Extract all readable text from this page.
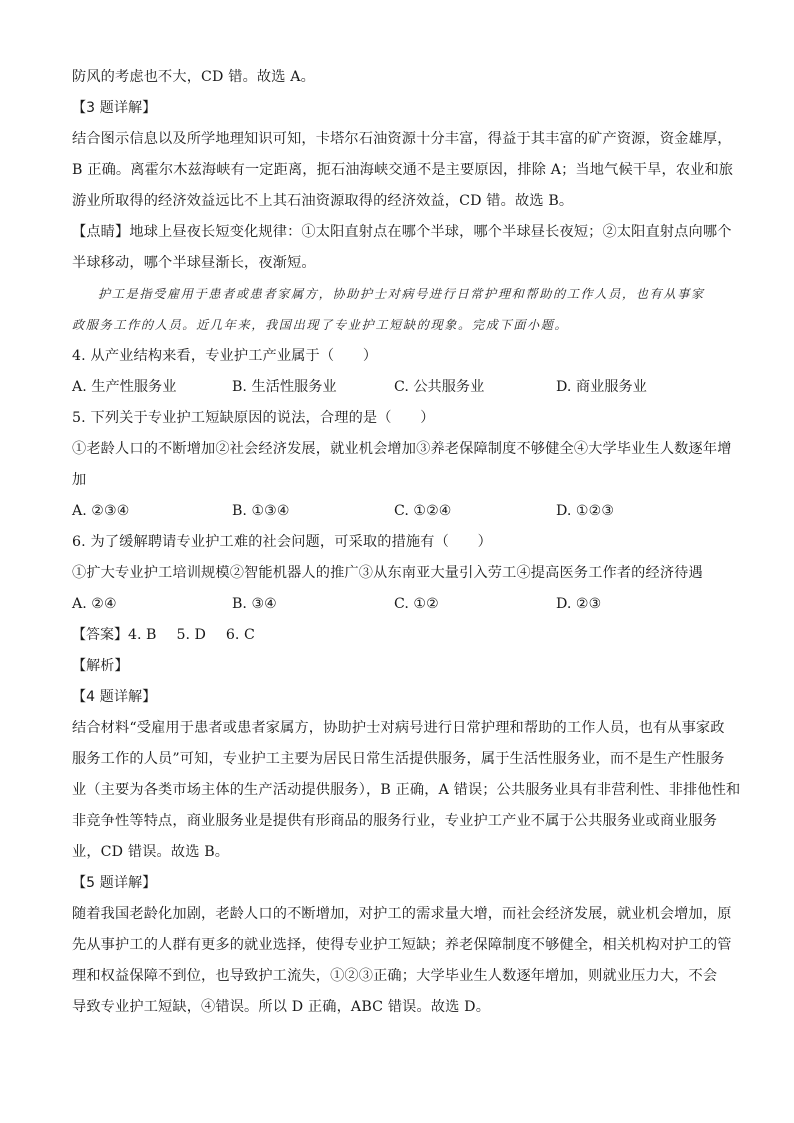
防风的考虑也不大，CD 错。故选 A。
【3 题详解】
结合图示信息以及所学地理知识可知，卡塔尔石油资源十分丰富，得益于其丰富的矿产资源，资金雄厚，
B 正确。离霍尔木兹海峡有一定距离，扼石油海峡交通不是主要原因，排除 A；当地气候干旱，农业和旅
游业所取得的经济效益远比不上其石油资源取得的经济效益，CD 错。故选 B。
【点睛】地球上昼夜长短变化规律：①太阳直射点在哪个半球，哪个半球昼长夜短；②太阳直射点向哪个
半球移动，哪个半球昼渐长，夜渐短。
护工是指受雇用于患者或患者家属方，协助护士对病号进行日常护理和帮助的工作人员，也有从事家
政服务工作的人员。近几年来，我国出现了专业护工短缺的现象。完成下面小题。
4. 从产业结构来看，专业护工产业属于（　　）
A. 生产性服务业	B. 生活性服务业	C. 公共服务业	D. 商业服务业
5. 下列关于专业护工短缺原因的说法，合理的是（　　）
①老龄人口的不断增加②社会经济发展，就业机会增加③养老保障制度不够健全④大学毕业生人数逐年增
加
A. ②③④	B. ①③④	C. ①②④	D. ①②③
6. 为了缓解聘请专业护工难的社会问题，可采取的措施有（　　）
①扩大专业护工培训规模②智能机器人的推广③从东南亚大量引入劳工④提高医务工作者的经济待遇
A. ②④	B. ③④	C. ①②	D. ②③
【答案】4. B 5. D 6. C
【解析】
【4 题详解】
结合材料“受雇用于患者或患者家属方，协助护士对病号进行日常护理和帮助的工作人员，也有从事家政
服务工作的人员”可知，专业护工主要为居民日常生活提供服务，属于生活性服务业，而不是生产性服务
业（主要为各类市场主体的生产活动提供服务），B 正确，A 错误；公共服务业具有非营利性、非排他性和
非竞争性等特点，商业服务业是提供有形商品的服务行业，专业护工产业不属于公共服务业或商业服务
业，CD 错误。故选 B。
【5 题详解】
随着我国老龄化加剧，老龄人口的不断增加，对护工的需求量大增，而社会经济发展，就业机会增加，原
先从事护工的人群有更多的就业选择，使得专业护工短缺；养老保障制度不够健全，相关机构对护工的管
理和权益保障不到位，也导致护工流失，①②③正确；大学毕业生人数逐年增加，则就业压力大，不会
导致专业护工短缺，④错误。所以 D 正确，ABC 错误。故选 D。
